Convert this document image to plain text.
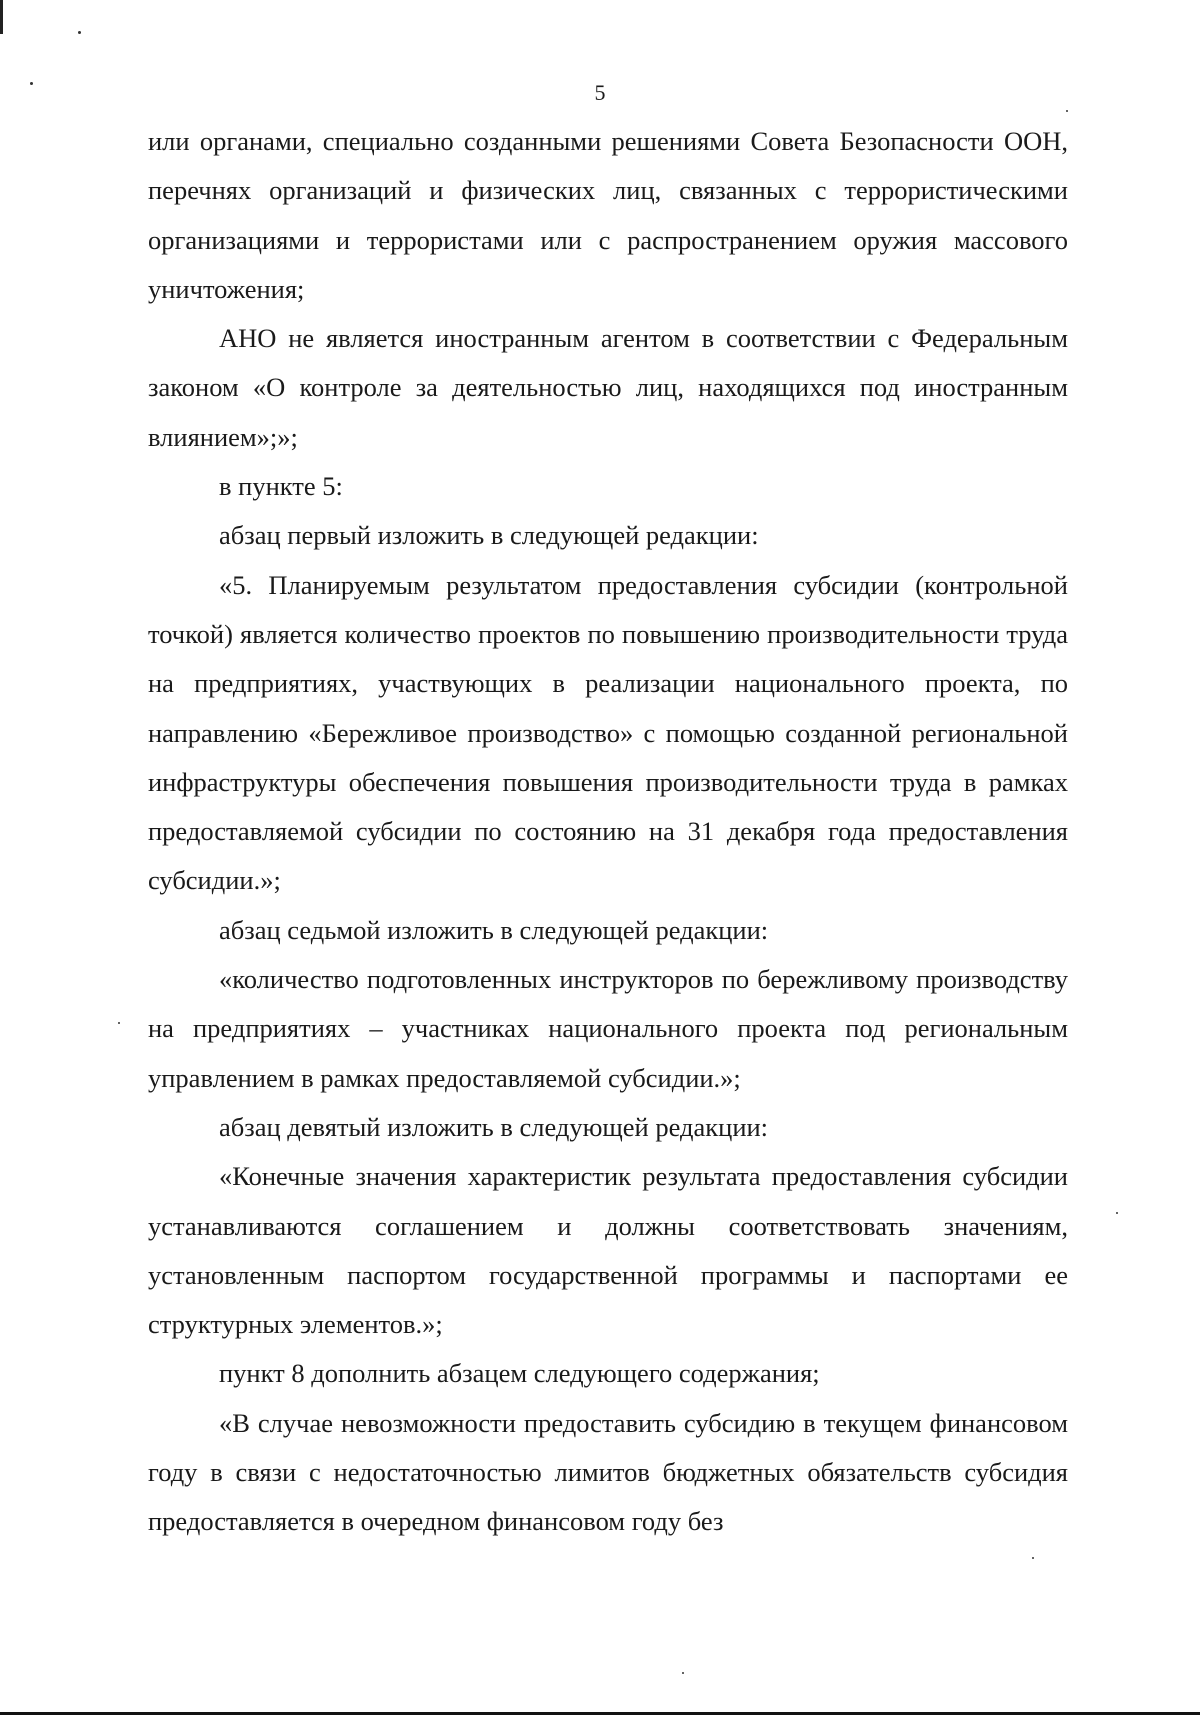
5

или органами, специально созданными решениями Совета Безопасности ООН, перечнях организаций и физических лиц, связанных с террористическими организациями и террористами или с распространением оружия массового уничтожения;

АНО не является иностранным агентом в соответствии с Федеральным законом «О контроле за деятельностью лиц, находящихся под иностранным влиянием»;»;

в пункте 5:

абзац первый изложить в следующей редакции:

«5. Планируемым результатом предоставления субсидии (контрольной точкой) является количество проектов по повышению производительности труда на предприятиях, участвующих в реализации национального проекта, по направлению «Бережливое производство» с помощью созданной региональной инфраструктуры обеспечения повышения производительности труда в рамках предоставляемой субсидии по состоянию на 31 декабря года предоставления субсидии.»;

абзац седьмой изложить в следующей редакции:

«количество подготовленных инструкторов по бережливому производству на предприятиях – участниках национального проекта под региональным управлением в рамках предоставляемой субсидии.»;

абзац девятый изложить в следующей редакции:

«Конечные значения характеристик результата предоставления субсидии устанавливаются соглашением и должны соответствовать значениям, установленным паспортом государственной программы и паспортами ее структурных элементов.»;

пункт 8 дополнить абзацем следующего содержания;

«В случае невозможности предоставить субсидию в текущем финансовом году в связи с недостаточностью лимитов бюджетных обязательств субсидия предоставляется в очередном финансовом году без
